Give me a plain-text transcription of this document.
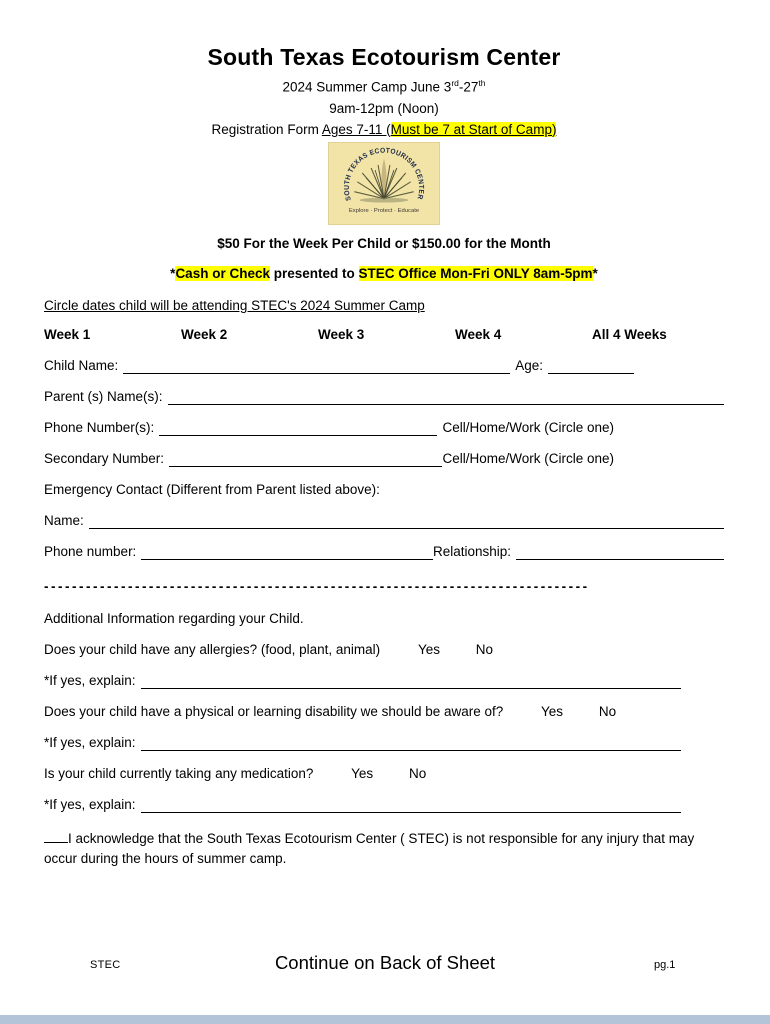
South Texas Ecotourism Center
2024 Summer Camp June 3rd-27th
9am-12pm (Noon)
Registration Form Ages 7-11 (Must be 7 at Start of Camp)
SOUTH TEXAS ECOTOURISM CENTER
Explore · Protect · Educate
$50 For the Week Per Child or $150.00 for the Month
*Cash or Check presented to STEC Office Mon-Fri ONLY 8am-5pm*
Circle dates child will be attending STEC's 2024 Summer Camp
Week 1	Week 2	Week 3	Week 4	All 4 Weeks
Child Name:	Age:
Parent (s) Name(s):
Phone Number(s):	Cell/Home/Work (Circle one)
Secondary Number:	Cell/Home/Work (Circle one)
Emergency Contact (Different from Parent listed above):
Name:
Phone number:	Relationship:
------------------------------------------------------------------------------
Additional Information regarding your Child.
Does your child have any allergies? (food, plant, animal)	Yes	No
*If yes, explain:
Does your child have a physical or learning disability we should be aware of?	Yes	No
*If yes, explain:
Is your child currently taking any medication?	Yes	No
*If yes, explain:
I acknowledge that the South Texas Ecotourism Center ( STEC) is not responsible for any injury that may occur during the hours of summer camp.
STEC	Continue on Back of Sheet	pg.1
